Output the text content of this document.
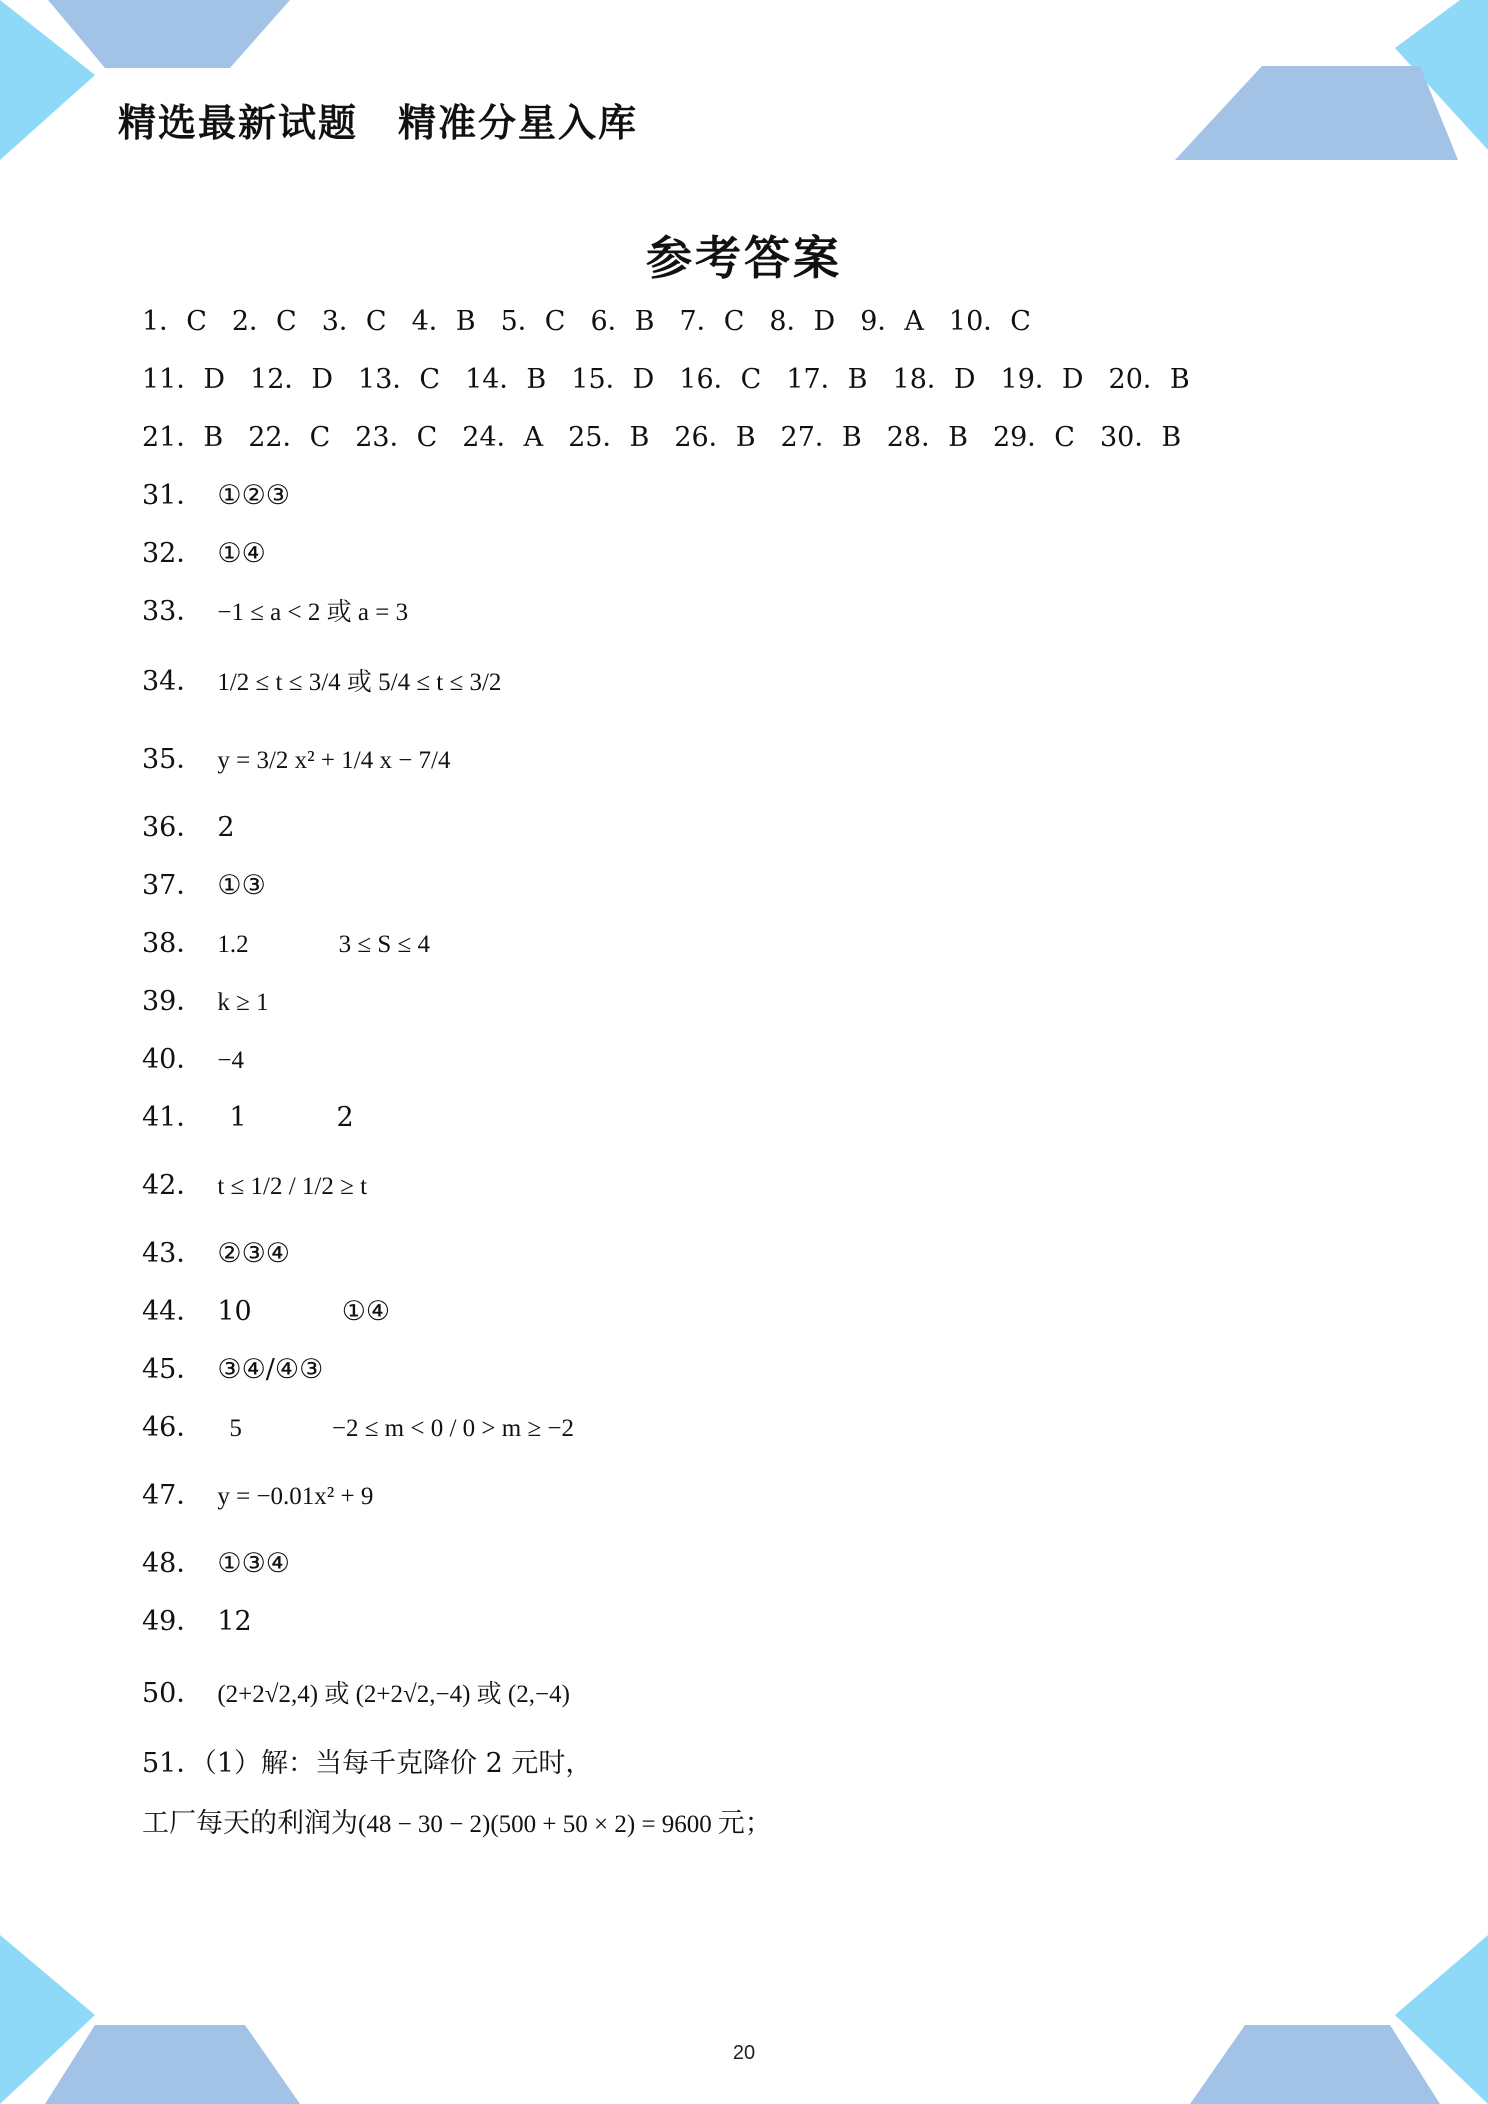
精选最新试题 精准分星入库
参考答案
1．C 2．C 3．C 4．B 5．C 6．B 7．C 8．D 9．A 10．C
11．D 12．D 13．C 14．B 15．D 16．C 17．B 18．D 19．D 20．B
21．B 22．C 23．C 24．A 25．B 26．B 27．B 28．B 29．C 30．B
31． ①②③
32． ①④
33． −1 ≤ a < 2 或 a = 3
34． 1/2 ≤ t ≤ 3/4 或 5/4 ≤ t ≤ 3/2
35． y = 3/2 x² + 1/4 x − 7/4
36． 2
37． ①③
38． 1.2	3 ≤ S ≤ 4
39． k ≥ 1
40． −4
41． 1	2
42． t ≤ 1/2 / 1/2 ≥ t
43． ②③④
44． 10	①④
45． ③④/④③
46． 5	−2 ≤ m < 0 / 0 > m ≥ −2
47． y = −0.01x² + 9
48． ①③④
49． 12
50． (2+2√2,4) 或 (2+2√2,−4) 或 (2,−4)
51．（1）解：当每千克降价 2 元时，
工厂每天的利润为(48 − 30 − 2)(500 + 50 × 2) = 9600 元；
20
